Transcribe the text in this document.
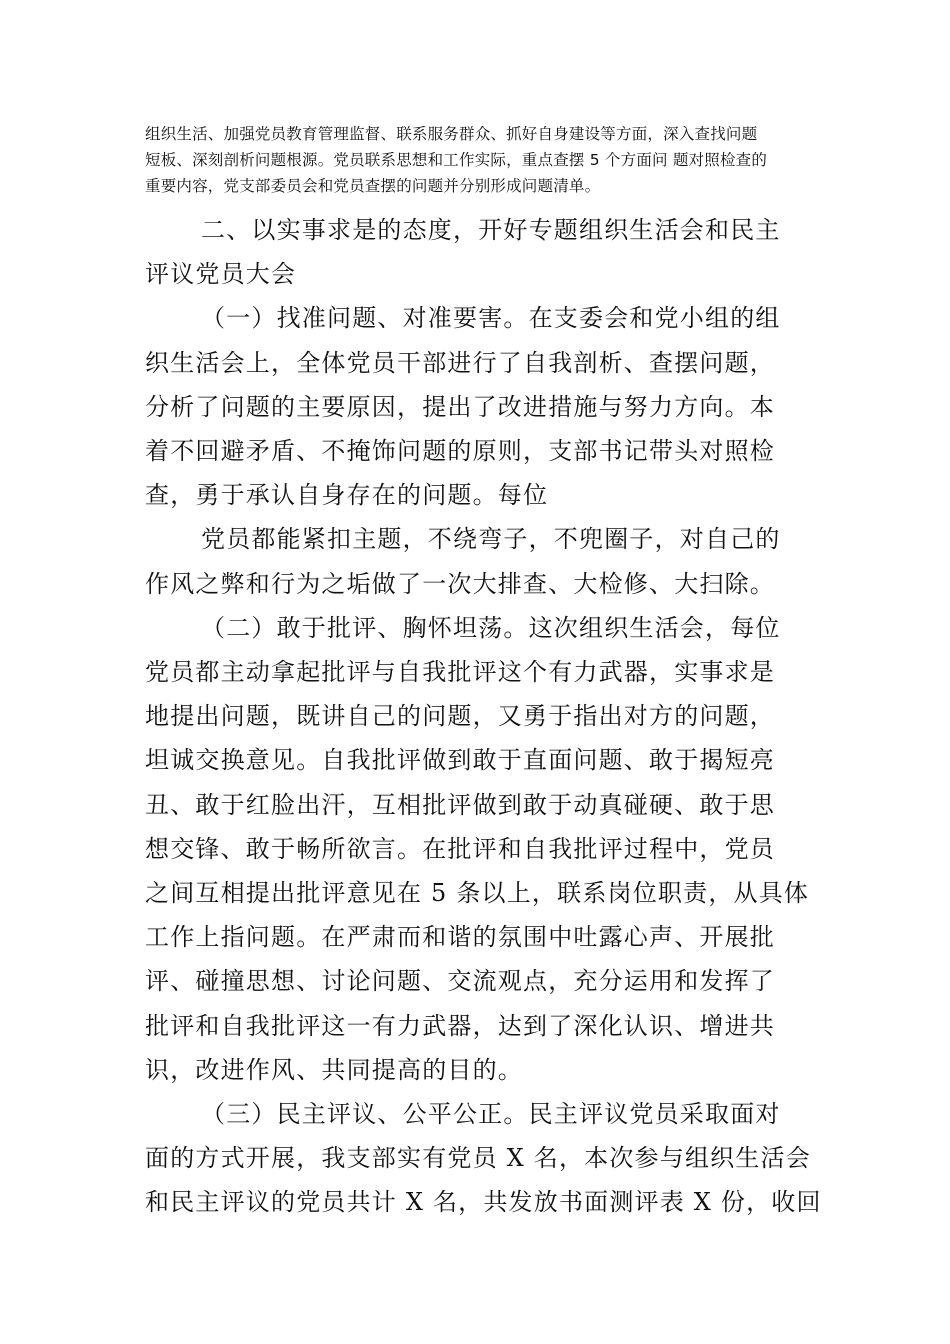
组织生活、加强党员教育管理监督、联系服务群众、抓好自身建设等方面，深入查找问题
短板、深刻剖析问题根源。党员联系思想和工作实际，重点查摆 5 个方面问 题对照检查的
重要内容，党支部委员会和党员查摆的问题并分别形成问题清单。
二、以实事求是的态度，开好专题组织生活会和民主
评议党员大会
（一）找准问题、对准要害。在支委会和党小组的组
织生活会上，全体党员干部进行了自我剖析、查摆问题，
分析了问题的主要原因，提出了改进措施与努力方向。本
着不回避矛盾、不掩饰问题的原则，支部书记带头对照检
查，勇于承认自身存在的问题。每位
党员都能紧扣主题，不绕弯子，不兜圈子，对自己的
作风之弊和行为之垢做了一次大排查、大检修、大扫除。
（二）敢于批评、胸怀坦荡。这次组织生活会，每位
党员都主动拿起批评与自我批评这个有力武器，实事求是
地提出问题，既讲自己的问题，又勇于指出对方的问题，
坦诚交换意见。自我批评做到敢于直面问题、敢于揭短亮
丑、敢于红脸出汗，互相批评做到敢于动真碰硬、敢于思
想交锋、敢于畅所欲言。在批评和自我批评过程中，党员
之间互相提出批评意见在 5 条以上，联系岗位职责，从具体
工作上指问题。在严肃而和谐的氛围中吐露心声、开展批
评、碰撞思想、讨论问题、交流观点，充分运用和发挥了
批评和自我批评这一有力武器，达到了深化认识、增进共
识，改进作风、共同提高的目的。
（三）民主评议、公平公正。民主评议党员采取面对
面的方式开展，我支部实有党员 X 名，本次参与组织生活会
和民主评议的党员共计 X 名，共发放书面测评表 X 份，收回
